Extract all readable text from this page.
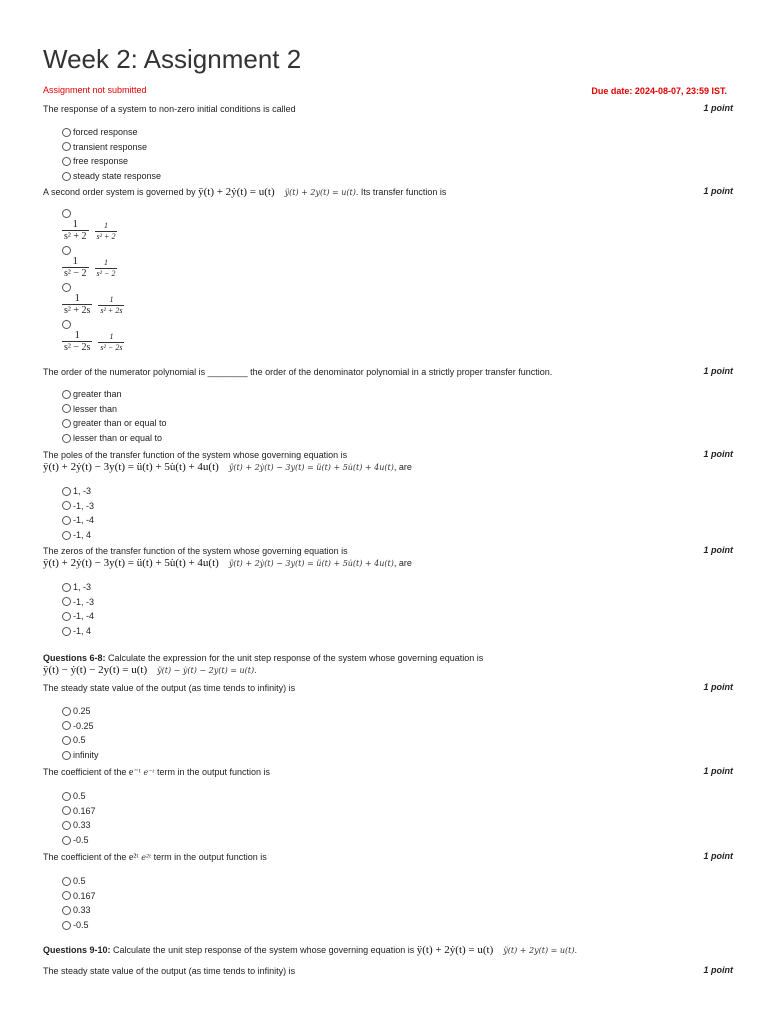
Week 2: Assignment 2
Assignment not submitted	Due date: 2024-08-07, 23:59 IST.
The response of a system to non-zero initial conditions is called	1 point
forced response
transient response
free response
steady state response
A second order system is governed by ÿ(t) + 2ẏ(t) = u(t) ÿ(t) + 2y(t) = u(t). Its transfer function is	1 point
$\frac{1}{\text{s² + 2}} \frac{1}{\text{s² + 2}}$
$\frac{1}{\text{s² − 2}} \frac{1}{\text{s² − 2}}$
$\frac{1}{\text{s² + 2s}} \frac{1}{\text{s² + 2s}}$
$\frac{1}{\text{s² − 2s}} \frac{1}{\text{s² − 2s}}$
The order of the numerator polynomial is ________ the order of the denominator polynomial in a strictly proper transfer function.	1 point
greater than
lesser than
greater than or equal to
lesser than or equal to
The poles of the transfer function of the system whose governing equation is
ÿ(t) + 2ẏ(t) − 3y(t) = ü(t) + 5u̇(t) + 4u(t) ÿ(t) + 2ẏ(t) − 3y(t) = ü(t) + 5u̇(t) + 4u(t), are
1 point
1, -3
-1, -3
-1, -4
-1, 4
The zeros of the transfer function of the system whose governing equation is
ÿ(t) + 2ẏ(t) − 3y(t) = ü(t) + 5u̇(t) + 4u(t) ÿ(t) + 2ẏ(t) − 3y(t) = ü(t) + 5u̇(t) + 4u(t), are
1 point
1, -3
-1, -3
-1, -4
-1, 4
Questions 6-8: Calculate the expression for the unit step response of the system whose governing equation is
ÿ(t) − ẏ(t) − 2y(t) = u(t) ÿ(t) − ẏ(t) − 2y(t) = u(t).
The steady state value of the output (as time tends to infinity) is	1 point
0.25
-0.25
0.5
infinity
The coefficient of the e⁻ᵗ e⁻ᵗ term in the output function is	1 point
0.5
0.167
0.33
-0.5
The coefficient of the e²ᵗ e²ᵗ term in the output function is	1 point
0.5
0.167
0.33
-0.5
Questions 9-10: Calculate the unit step response of the system whose governing equation is ÿ(t) + 2ẏ(t) = u(t) ÿ(t) + 2y(t) = u(t).
The steady state value of the output (as time tends to infinity) is	1 point
